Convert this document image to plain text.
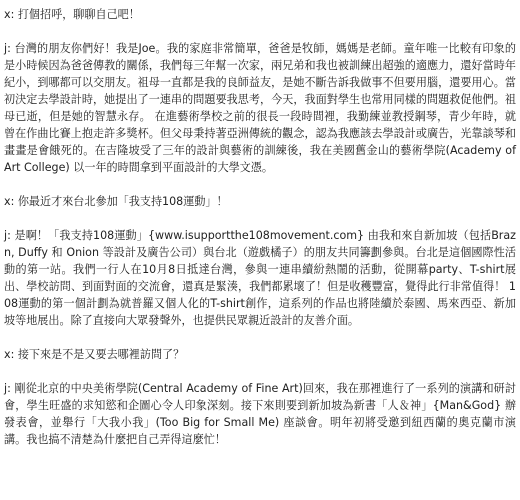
x: 打個招呼，聊聊自己吧！

j: 台灣的朋友你們好！我是Joe。我的家庭非常簡單，爸爸是牧師，媽媽是老師。童年唯一比較有印象的是小時候因為爸爸傳教的關係，我們每三年幫一次家，兩兄弟和我也被訓練出超強的適應力，還好當時年紀小，到哪都可以交朋友。祖母一直都是我的良師益友，是她不斷告訴我做事不但要用腦，還要用心。當初決定去學設計時，她提出了一連串的問題要我思考，今天，我面對學生也常用同樣的問題救促他們。祖母已逝，但是她的智慧永存。 在進藝術學校之前的很長一段時間裡，我勤練並教授鋼琴，青少年時，就曾在作曲比賽上抱走許多獎杯。但父母秉持著亞洲傳統的觀念，認為我應該去學設計或廣告，光靠談琴和畫畫是會餓死的。在吉隆坡受了三年的設計與藝術的訓練後，我在美國舊金山的藝術學院(Academy of Art College) 以一年的時間拿到平面設計的大學文憑。

x: 你最近才來台北參加「我支持108運動」！

j: 是啊！「我支持108運動」{www.isupportthe108movement.com} 由我和來自新加坡（包括Brazn, Duffy 和 Onion 等設計及廣告公司）與台北（遊戲橘子）的朋友共同籌劃參與。台北是這個國際性活動的第一站。我們一行人在10月8日抵達台灣，參與一連串續紛熱鬧的活動，從開幕party、T-shirt展出、學校訪問、到面對面的交流會，還真是緊湊，我們都累壞了！但是收穫豐富，覺得此行非常值得！ 108運動的第一個計劃為就普羅又個人化的T-shirt創作，這系列的作品也將陸續於泰國、馬來西亞、新加坡等地展出。除了直接向大眾發聲外，也提供民眾親近設計的友善介面。

x: 接下來是不是又要去哪裡訪問了？

j: 剛從北京的中央美術學院(Central Academy of Fine Art)回來，我在那裡進行了一系列的演講和研討會，學生旺盛的求知慾和企圖心令人印象深刻。接下來則要到新加坡為新書「人＆神」{Man&God} 辦發表會，並舉行「大我小我」(Too Big for Small Me) 座談會。明年初將受邀到紐西蘭的奧克蘭市演講。我也搞不清楚為什麼把自己弄得這麼忙！
